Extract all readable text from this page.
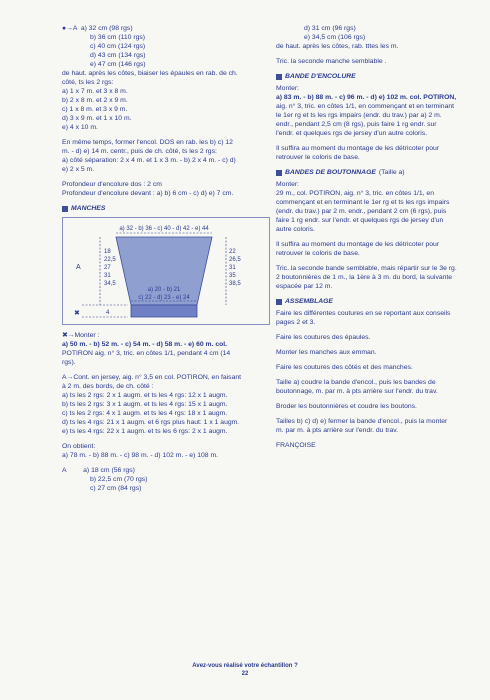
●→A  a) 32 cm (98 rgs)

b) 36 cm (110 rgs)

c) 40 cm (124 rgs)

d) 43 cm (134 rgs)

e) 47 cm (146 rgs)

de haut. après les côtes, biaiser les épaules en rab. de ch.

côté, ts les 2 rgs:

a) 1 x 7 m. et 3 x 8 m.

b) 2 x 8 m. et 2 x 9 m.

c) 1 x 8 m. et 3 x 9 m.

d) 3 x 9 m. et 1 x 10 m.

e) 4 x 10 m.

En même temps, former l'encol. DOS en rab. les b) c) 12

m. - d) e) 14 m. centr., puis de ch. côté, ts les 2 rgs:

a) côté séparation: 2 x 4 m. et 1 x 3 m. - b) 2 x 4 m. - c) d)

e) 2 x 5 m.

Profondeur d'encolure dos : 2 cm

Profondeur d'encolure devant : a) b) 6 cm - c) d) e) 7 cm.

MANCHES
A
✖
a) 32 - b) 36 - c) 40 - d) 42 - e) 44
18
22,5
27
31
34,5
22
26,5
31
35
38,5
a) 20 - b) 21
c) 22 - d) 23 - e) 24
4

✖→Monter :

a) 50 m. - b) 52 m. - c) 54 m. - d) 58 m. - e) 60 m. col.

POTIRON aig. n° 3, tric. en côtes 1/1, pendant 4 cm (14

rgs).

A→Cont. en jersey, aig. n° 3,5 en col. POTIRON, en faisant

à 2 m. des bords, de ch. côté :

a) ts les 2 rgs: 2 x 1 augm. et ts les 4 rgs: 12 x 1 augm.

b) ts les 2 rgs: 3 x 1 augm. et ts les 4 rgs: 15 x 1 augm.

c) ts les 2 rgs: 4 x 1 augm. et ts les 4 rgs: 18 x 1 augm.

d) ts les 4 rgs: 21 x 1 augm. et 6 rgs plus haut: 1 x 1 augm.

e) ts les 4 rgs: 22 x 1 augm. et ts les 6 rgs: 2 x 1 augm.

On obtient:

a) 78 m. - b) 88 m. - c) 98 m. - d) 102 m. - e) 108 m.

A         a) 18 cm (56 rgs)

b) 22,5 cm (70 rgs)

c) 27 cm (84 rgs)

d) 31 cm (96 rgs)

e) 34,5 cm (106 rgs)

de haut. après les côtes, rab. tttes les m.

Tric. la seconde manche semblable .

BANDE D'ENCOLURE

Monter:

a) 83 m. - b) 88 m. - c) 96 m. - d) e) 102 m. col. POTIRON,

aig. n° 3, tric. en côtes 1/1, en commençant et en terminant

le 1er rg et ts les rgs impairs (endr. du trav.) par a) 2 m.

endr., pendant 2,5 cm (8 rgs), puis faire 1 rg endr. sur

l'endr. et quelques rgs de jersey d'un autre coloris.

Il suffira au moment du montage de les détricoter pour

retrouver le coloris de base.

BANDES DE BOUTONNAGE (Taille a)

Monter:

29 m., col. POTIRON, aig. n° 3, tric. en côtes 1/1, en

commençant et en terminant le 1er rg et ts les rgs impairs

(endr. du trav.) par 2 m. endr., pendant 2 cm (6 rgs), puis

faire 1 rg endr. sur l'endr. et quelques rgs de jersey d'un

autre coloris.

Il suffira au moment du montage de les détricoter pour

retrouver le coloris de base.

Tric. la seconde bande semblable, mais répartir sur le 3e rg.

2 boutonnières de 1 m., la 1ère à 3 m. du bord, la suivante

espacée par 12 m.

ASSEMBLAGE

Faire les différentes coutures en se reportant aux conseils

pages 2 et 3.

Faire les coutures des épaules.

Monter les manches aux emman.

Faire les coutures des côtés et des manches.

Taille a) coudre la bande d'encol., puis les bandes de

boutonnage, m. par m. à pts arrière sur l'endr. du trav.

Broder les boutonnières et coudre les boutons.

Tailles b) c) d) e) fermer la bande d'encol., puis la monter

m. par m. à pts arrière sur l'endr. du trav.

FRANÇOISE

Avez-vous réalisé votre échantillon ?
22
